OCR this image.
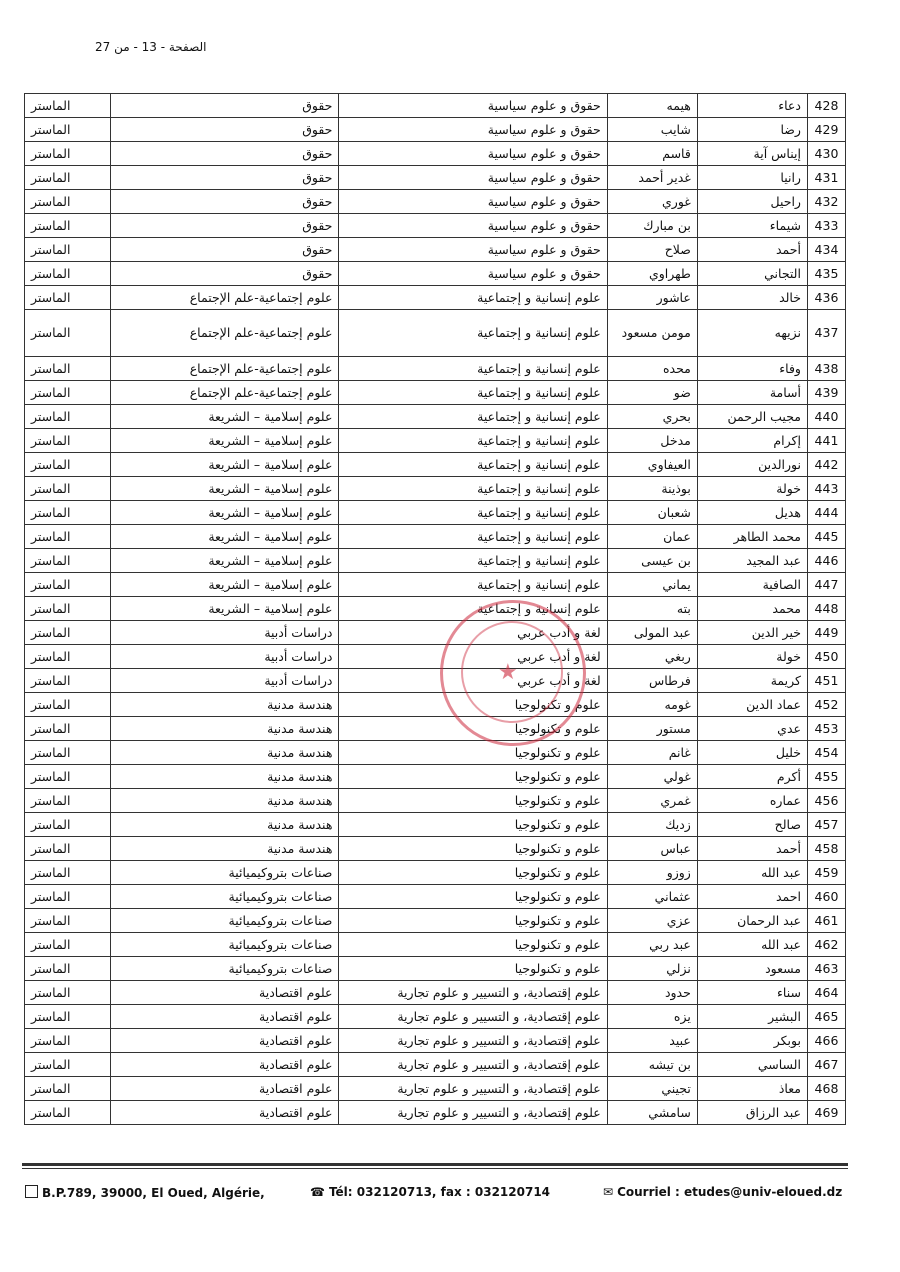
الصفحة - 13 - من 27
428	دعاء	هيمه	حقوق و علوم سياسية	حقوق	الماستر
429	رضا	شايب	حقوق و علوم سياسية	حقوق	الماستر
430	إيناس آية	قاسم	حقوق و علوم سياسية	حقوق	الماستر
431	رانيا	غدير أحمد	حقوق و علوم سياسية	حقوق	الماستر
432	راحيل	غوري	حقوق و علوم سياسية	حقوق	الماستر
433	شيماء	بن مبارك	حقوق و علوم سياسية	حقوق	الماستر
434	أحمد	صلاح	حقوق و علوم سياسية	حقوق	الماستر
435	التجاني	طهراوي	حقوق و علوم سياسية	حقوق	الماستر
436	خالد	عاشور	علوم إنسانية و إجتماعية	علوم إجتماعية-علم الإجتماع	الماستر
437	نزيهه	مومن مسعود	علوم إنسانية و إجتماعية	علوم إجتماعية-علم الإجتماع	الماستر
438	وفاء	محده	علوم إنسانية و إجتماعية	علوم إجتماعية-علم الإجتماع	الماستر
439	أسامة	ضو	علوم إنسانية و إجتماعية	علوم إجتماعية-علم الإجتماع	الماستر
440	مجيب الرحمن	بحري	علوم إنسانية و إجتماعية	علوم إسلامية – الشريعة	الماستر
441	إكرام	مدخل	علوم إنسانية و إجتماعية	علوم إسلامية – الشريعة	الماستر
442	نورالدين	العيفاوي	علوم إنسانية و إجتماعية	علوم إسلامية – الشريعة	الماستر
443	خولة	بوذينة	علوم إنسانية و إجتماعية	علوم إسلامية – الشريعة	الماستر
444	هديل	شعبان	علوم إنسانية و إجتماعية	علوم إسلامية – الشريعة	الماستر
445	محمد الطاهر	عمان	علوم إنسانية و إجتماعية	علوم إسلامية – الشريعة	الماستر
446	عبد المجيد	بن عيسى	علوم إنسانية و إجتماعية	علوم إسلامية – الشريعة	الماستر
447	الصافية	يماني	علوم إنسانية و إجتماعية	علوم إسلامية – الشريعة	الماستر
448	محمد	بته	علوم إنسانية و إجتماعية	علوم إسلامية – الشريعة	الماستر
449	خير الدين	عبد المولى	لغة و أدب عربي	دراسات أدبية	الماستر
450	خولة	ربغي	لغة و أدب عربي	دراسات أدبية	الماستر
451	كريمة	فرطاس	لغة و أدب عربي	دراسات أدبية	الماستر
452	عماد الدين	غومه	علوم و تكنولوجيا	هندسة مدنية	الماستر
453	عدي	مستور	علوم و تكنولوجيا	هندسة مدنية	الماستر
454	خليل	غانم	علوم و تكنولوجيا	هندسة مدنية	الماستر
455	أكرم	غولي	علوم و تكنولوجيا	هندسة مدنية	الماستر
456	عماره	غمري	علوم و تكنولوجيا	هندسة مدنية	الماستر
457	صالح	زديك	علوم و تكنولوجيا	هندسة مدنية	الماستر
458	أحمد	عباس	علوم و تكنولوجيا	هندسة مدنية	الماستر
459	عبد الله	زوزو	علوم و تكنولوجيا	صناعات بتروكيميائية	الماستر
460	احمد	عثماني	علوم و تكنولوجيا	صناعات بتروكيميائية	الماستر
461	عبد الرحمان	عزي	علوم و تكنولوجيا	صناعات بتروكيميائية	الماستر
462	عبد الله	عبد ربي	علوم و تكنولوجيا	صناعات بتروكيميائية	الماستر
463	مسعود	نزلي	علوم و تكنولوجيا	صناعات بتروكيميائية	الماستر
464	سناء	حدود	علوم إقتصادية، و التسيير و علوم تجارية	علوم اقتصادية	الماستر
465	البشير	يزه	علوم إقتصادية، و التسيير و علوم تجارية	علوم اقتصادية	الماستر
466	بوبكر	عبيد	علوم إقتصادية، و التسيير و علوم تجارية	علوم اقتصادية	الماستر
467	الساسي	بن تيشه	علوم إقتصادية، و التسيير و علوم تجارية	علوم اقتصادية	الماستر
468	معاذ	تجيني	علوم إقتصادية، و التسيير و علوم تجارية	علوم اقتصادية	الماستر
469	عبد الرزاق	سامشي	علوم إقتصادية، و التسيير و علوم تجارية	علوم اقتصادية	الماستر
★
B.P.789, 39000, El Oued, Algérie,	☎ Tél: 032120713, fax : 032120714	✉ Courriel : etudes@univ-eloued.dz
